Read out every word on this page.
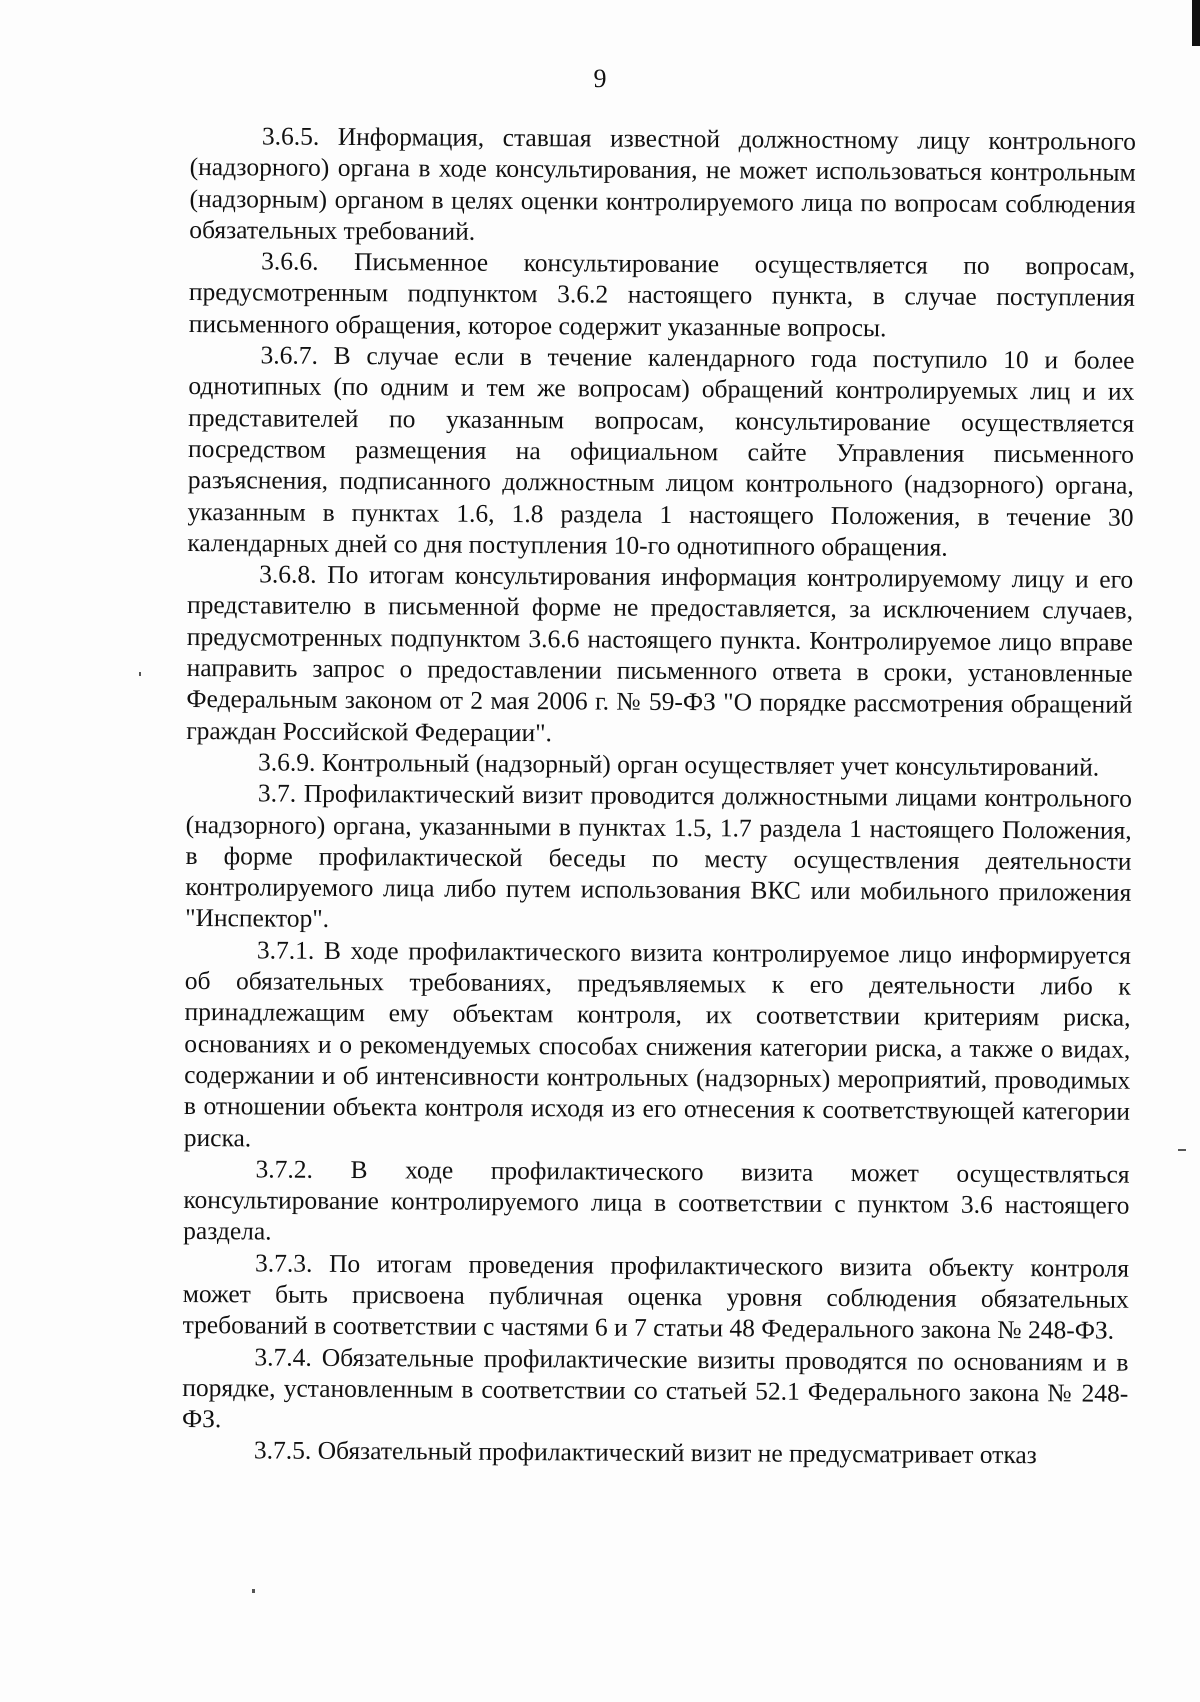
9

3.6.5. Информация, ставшая известной должностному лицу контрольного (надзорного) органа в ходе консультирования, не может использоваться контрольным (надзорным) органом в целях оценки контролируемого лица по вопросам соблюдения обязательных требований.

3.6.6. Письменное консультирование осуществляется по вопросам, предусмотренным подпунктом 3.6.2 настоящего пункта, в случае поступления письменного обращения, которое содержит указанные вопросы.

3.6.7. В случае если в течение календарного года поступило 10 и более однотипных (по одним и тем же вопросам) обращений контролируемых лиц и их представителей по указанным вопросам, консультирование осуществляется посредством размещения на официальном сайте Управления письменного разъяснения, подписанного должностным лицом контрольного (надзорного) органа, указанным в пунктах 1.6, 1.8 раздела 1 настоящего Положения, в течение 30 календарных дней со дня поступления 10-го однотипного обращения.

3.6.8. По итогам консультирования информация контролируемому лицу и его представителю в письменной форме не предоставляется, за исключением случаев, предусмотренных подпунктом 3.6.6 настоящего пункта. Контролируемое лицо вправе направить запрос о предоставлении письменного ответа в сроки, установленные Федеральным законом от 2 мая 2006 г. № 59-ФЗ "О порядке рассмотрения обращений граждан Российской Федерации".

3.6.9. Контрольный (надзорный) орган осуществляет учет консультирований.

3.7. Профилактический визит проводится должностными лицами контрольного (надзорного) органа, указанными в пунктах 1.5, 1.7 раздела 1 настоящего Положения, в форме профилактической беседы по месту осуществления деятельности контролируемого лица либо путем использования ВКС или мобильного приложения "Инспектор".

3.7.1. В ходе профилактического визита контролируемое лицо информируется об обязательных требованиях, предъявляемых к его деятельности либо к принадлежащим ему объектам контроля, их соответствии критериям риска, основаниях и о рекомендуемых способах снижения категории риска, а также о видах, содержании и об интенсивности контрольных (надзорных) мероприятий, проводимых в отношении объекта контроля исходя из его отнесения к соответствующей категории риска.

3.7.2. В ходе профилактического визита может осуществляться консультирование контролируемого лица в соответствии с пунктом 3.6 настоящего раздела.

3.7.3. По итогам проведения профилактического визита объекту контроля может быть присвоена публичная оценка уровня соблюдения обязательных требований в соответствии с частями 6 и 7 статьи 48 Федерального закона № 248-ФЗ.

3.7.4. Обязательные профилактические визиты проводятся по основаниям и в порядке, установленным в соответствии со статьей 52.1 Федерального закона № 248-ФЗ.

3.7.5. Обязательный профилактический визит не предусматривает отказ
